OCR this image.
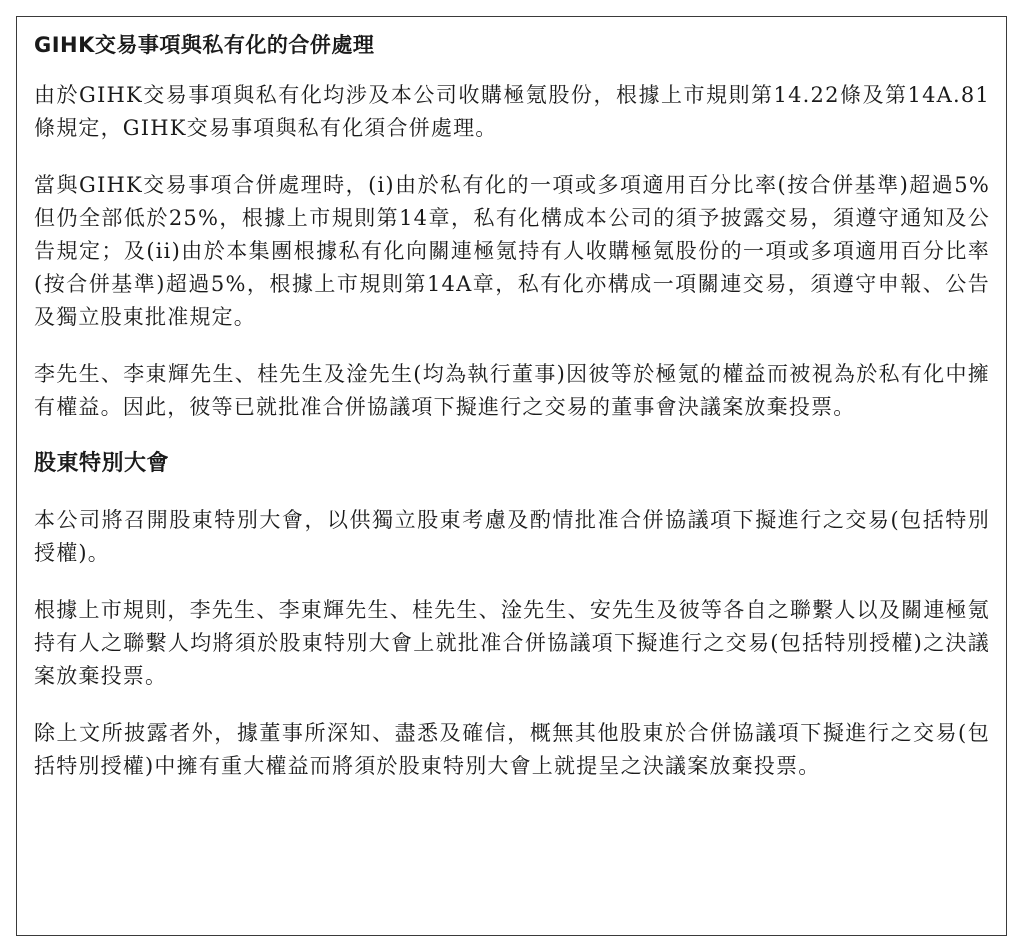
GIHK交易事項與私有化的合併處理

由於GIHK交易事項與私有化均涉及本公司收購極氪股份，根據上市規則第14.22條及第14A.81條規定，GIHK交易事項與私有化須合併處理。

當與GIHK交易事項合併處理時，(i)由於私有化的一項或多項適用百分比率(按合併基準)超過5%但仍全部低於25%，根據上市規則第14章，私有化構成本公司的須予披露交易，須遵守通知及公告規定；及(ii)由於本集團根據私有化向關連極氪持有人收購極氪股份的一項或多項適用百分比率(按合併基準)超過5%，根據上市規則第14A章，私有化亦構成一項關連交易，須遵守申報、公告及獨立股東批准規定。

李先生、李東輝先生、桂先生及淦先生(均為執行董事)因彼等於極氪的權益而被視為於私有化中擁有權益。因此，彼等已就批准合併協議項下擬進行之交易的董事會決議案放棄投票。

股東特別大會

本公司將召開股東特別大會，以供獨立股東考慮及酌情批准合併協議項下擬進行之交易(包括特別授權)。

根據上市規則，李先生、李東輝先生、桂先生、淦先生、安先生及彼等各自之聯繫人以及關連極氪持有人之聯繫人均將須於股東特別大會上就批准合併協議項下擬進行之交易(包括特別授權)之決議案放棄投票。

除上文所披露者外，據董事所深知、盡悉及確信，概無其他股東於合併協議項下擬進行之交易(包括特別授權)中擁有重大權益而將須於股東特別大會上就提呈之決議案放棄投票。
